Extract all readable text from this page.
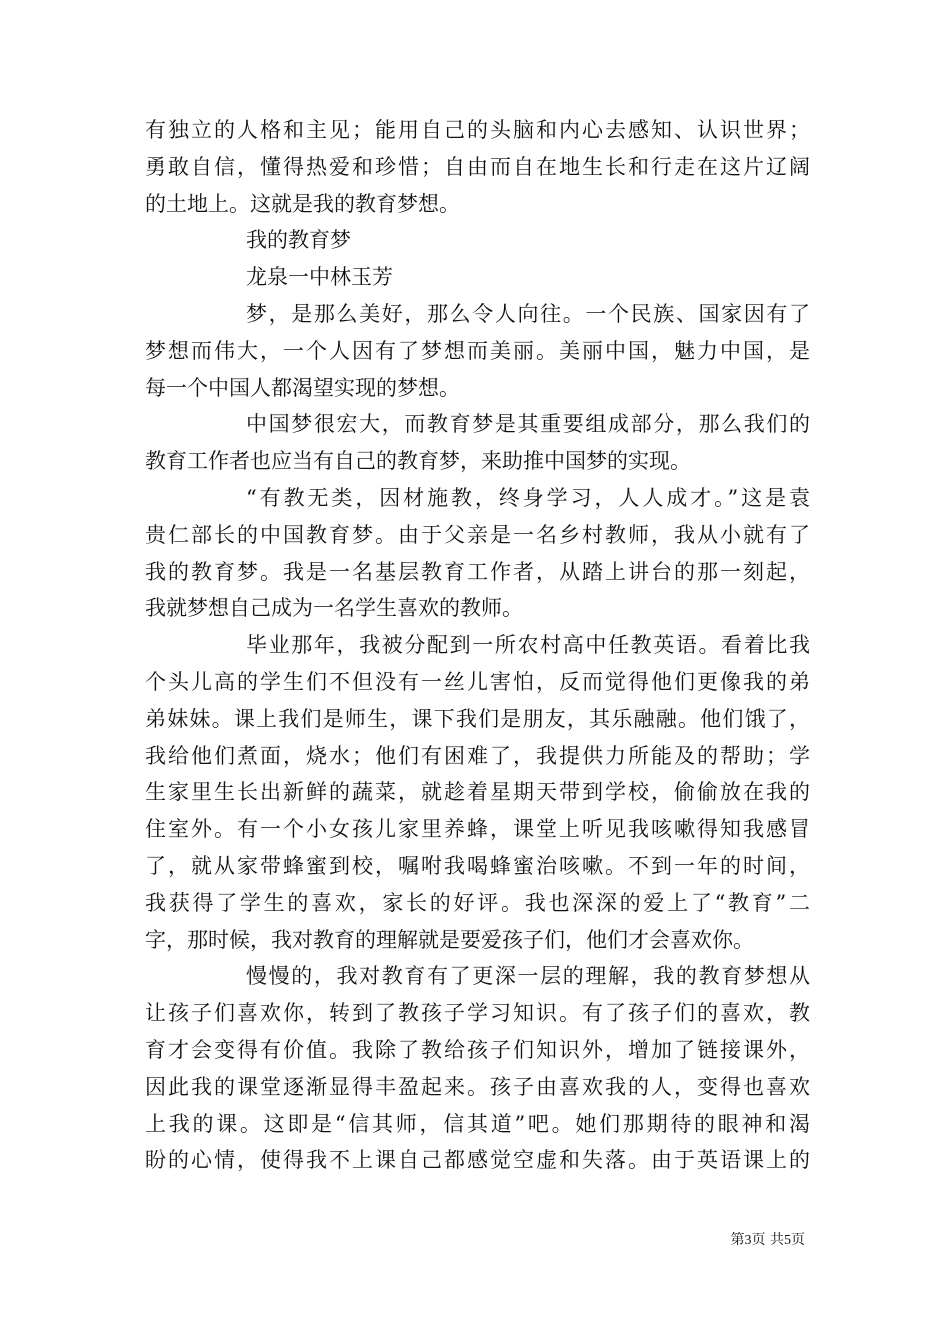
有独立的人格和主见；能用自己的头脑和内心去感知、认识世界；
勇敢自信，懂得热爱和珍惜；自由而自在地生长和行走在这片辽阔
的土地上。这就是我的教育梦想。
我的教育梦
龙泉一中林玉芳
梦，是那么美好，那么令人向往。一个民族、国家因有了
梦想而伟大，一个人因有了梦想而美丽。美丽中国，魅力中国，是
每一个中国人都渴望实现的梦想。
中国梦很宏大，而教育梦是其重要组成部分，那么我们的
教育工作者也应当有自己的教育梦，来助推中国梦的实现。
“有教无类，因材施教，终身学习，人人成才。”这是袁
贵仁部长的中国教育梦。由于父亲是一名乡村教师，我从小就有了
我的教育梦。我是一名基层教育工作者，从踏上讲台的那一刻起，
我就梦想自己成为一名学生喜欢的教师。
毕业那年，我被分配到一所农村高中任教英语。看着比我
个头儿高的学生们不但没有一丝儿害怕，反而觉得他们更像我的弟
弟妹妹。课上我们是师生，课下我们是朋友，其乐融融。他们饿了，
我给他们煮面，烧水；他们有困难了，我提供力所能及的帮助；学
生家里生长出新鲜的蔬菜，就趁着星期天带到学校，偷偷放在我的
住室外。有一个小女孩儿家里养蜂，课堂上听见我咳嗽得知我感冒
了，就从家带蜂蜜到校，嘱咐我喝蜂蜜治咳嗽。不到一年的时间，
我获得了学生的喜欢，家长的好评。我也深深的爱上了“教育”二
字，那时候，我对教育的理解就是要爱孩子们，他们才会喜欢你。
慢慢的，我对教育有了更深一层的理解，我的教育梦想从
让孩子们喜欢你，转到了教孩子学习知识。有了孩子们的喜欢，教
育才会变得有价值。我除了教给孩子们知识外，增加了链接课外，
因此我的课堂逐渐显得丰盈起来。孩子由喜欢我的人，变得也喜欢
上我的课。这即是“信其师，信其道”吧。她们那期待的眼神和渴
盼的心情，使得我不上课自己都感觉空虚和失落。由于英语课上的
第3页 共5页
